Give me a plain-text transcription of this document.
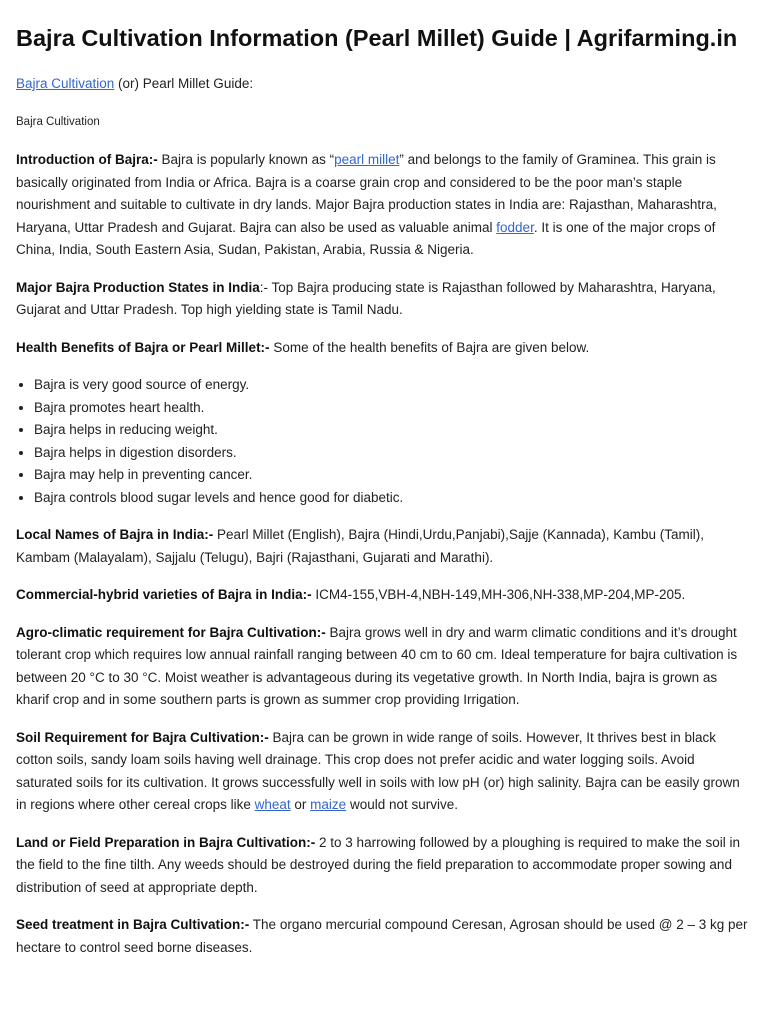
Bajra Cultivation Information (Pearl Millet) Guide | Agrifarming.in

Bajra Cultivation (or) Pearl Millet Guide:

Bajra Cultivation

Introduction of Bajra:- Bajra is popularly known as “pearl millet” and belongs to the family of Graminea. This grain is basically originated from India or Africa. Bajra is a coarse grain crop and considered to be the poor man’s staple nourishment and suitable to cultivate in dry lands. Major Bajra production states in India are: Rajasthan, Maharashtra, Haryana, Uttar Pradesh and Gujarat. Bajra can also be used as valuable animal fodder. It is one of the major crops of China, India, South Eastern Asia, Sudan, Pakistan, Arabia, Russia & Nigeria.

Major Bajra Production States in India:- Top Bajra producing state is Rajasthan followed by Maharashtra, Haryana, Gujarat and Uttar Pradesh. Top high yielding state is Tamil Nadu.

Health Benefits of Bajra or Pearl Millet:- Some of the health benefits of Bajra are given below.

• Bajra is very good source of energy.
• Bajra promotes heart health.
• Bajra helps in reducing weight.
• Bajra helps in digestion disorders.
• Bajra may help in preventing cancer.
• Bajra controls blood sugar levels and hence good for diabetic.

Local Names of Bajra in India:- Pearl Millet (English), Bajra (Hindi,Urdu,Panjabi),Sajje (Kannada), Kambu (Tamil), Kambam (Malayalam), Sajjalu (Telugu), Bajri (Rajasthani, Gujarati and Marathi).

Commercial-hybrid varieties of Bajra in India:- ICM4-155,VBH-4,NBH-149,MH-306,NH-338,MP-204,MP-205.

Agro-climatic requirement for Bajra Cultivation:- Bajra grows well in dry and warm climatic conditions and it’s drought tolerant crop which requires low annual rainfall ranging between 40 cm to 60 cm. Ideal temperature for bajra cultivation is between 20 °C to 30 °C. Moist weather is advantageous during its vegetative growth. In North India, bajra is grown as kharif crop and in some southern parts is grown as summer crop providing Irrigation.

Soil Requirement for Bajra Cultivation:- Bajra can be grown in wide range of soils. However, It thrives best in black cotton soils, sandy loam soils having well drainage. This crop does not prefer acidic and water logging soils. Avoid saturated soils for its cultivation. It grows successfully well in soils with low pH (or) high salinity. Bajra can be easily grown in regions where other cereal crops like wheat or maize would not survive.

Land or Field Preparation in Bajra Cultivation:- 2 to 3 harrowing followed by a ploughing is required to make the soil in the field to the fine tilth. Any weeds should be destroyed during the field preparation to accommodate proper sowing and distribution of seed at appropriate depth.

Seed treatment in Bajra Cultivation:- The organo mercurial compound Ceresan, Agrosan should be used @ 2 – 3 kg per hectare to control seed borne diseases.
